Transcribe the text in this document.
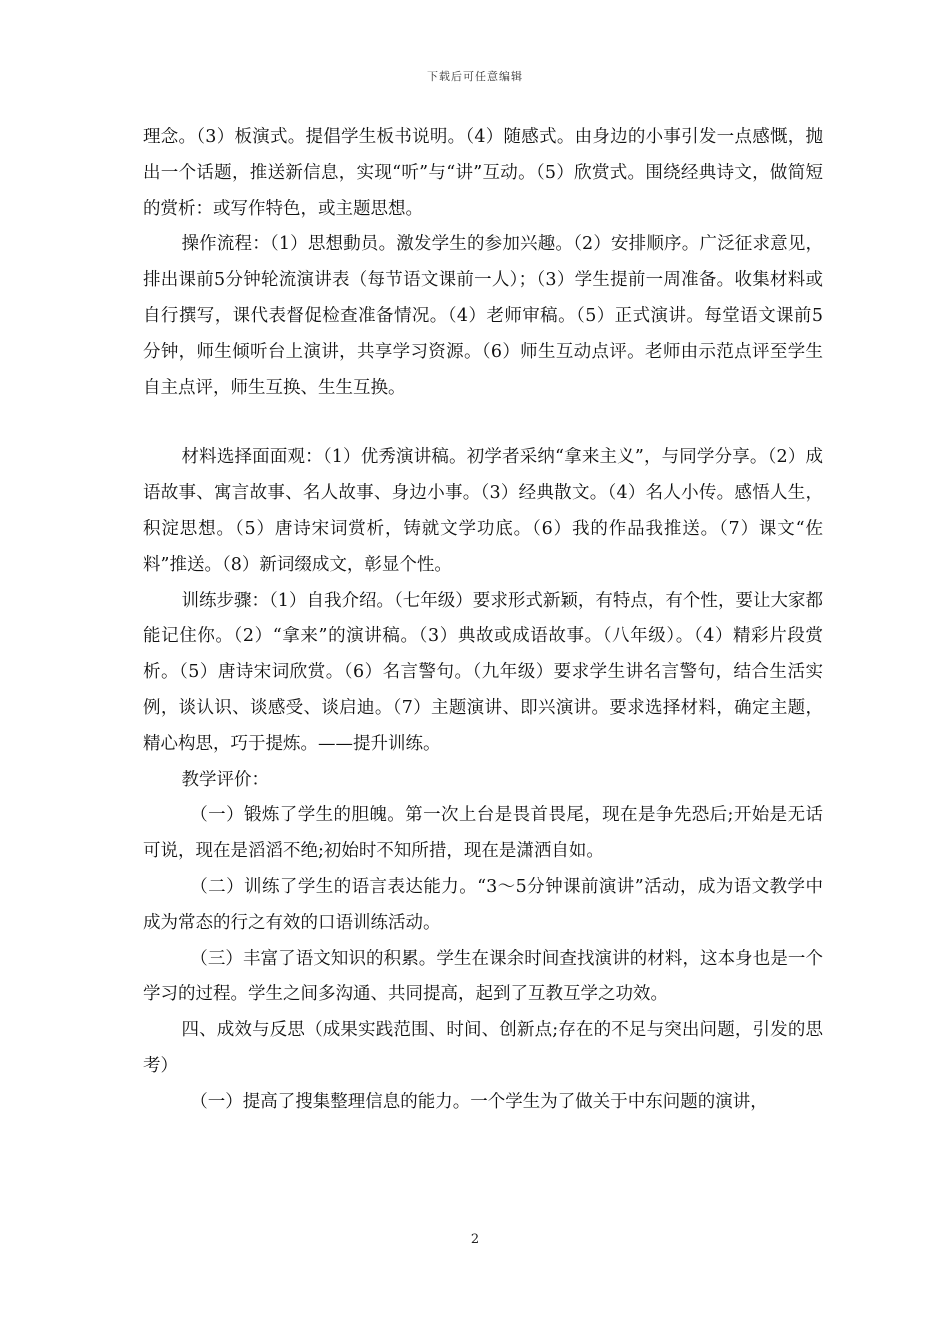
下载后可任意编辑

理念。（3）板演式。提倡学生板书说明。（4）随感式。由身边的小事引发一点感慨，抛出一个话题，推送新信息，实现“听”与“讲”互动。（5）欣赏式。围绕经典诗文，做简短的赏析：或写作特色，或主题思想。

操作流程：（1）思想動员。激发学生的参加兴趣。（2）安排顺序。广泛征求意见，排出课前5分钟轮流演讲表（每节语文课前一人）；（3）学生提前一周准备。收集材料或自行撰写，课代表督促检查准备情况。（4）老师审稿。（5）正式演讲。每堂语文课前5分钟，师生倾听台上演讲，共享学习资源。（6）师生互动点评。老师由示范点评至学生自主点评，师生互换、生生互换。

材料选择面面观：（1）优秀演讲稿。初学者采纳“拿来主义”，与同学分享。（2）成语故事、寓言故事、名人故事、身边小事。（3）经典散文。（4）名人小传。感悟人生，积淀思想。（5）唐诗宋词赏析，铸就文学功底。（6）我的作品我推送。（7）课文“佐料”推送。（8）新词缀成文，彰显个性。

训练步骤：（1）自我介绍。（七年级）要求形式新颖，有特点，有个性，要让大家都能记住你。（2）“拿来”的演讲稿。（3）典故或成语故事。（八年级）。（4）精彩片段赏析。（5）唐诗宋词欣赏。（6）名言警句。（九年级）要求学生讲名言警句，结合生活实例，谈认识、谈感受、谈启迪。（7）主题演讲、即兴演讲。要求选择材料，确定主题，精心构思，巧于提炼。——提升训练。

教学评价：

（一）锻炼了学生的胆魄。第一次上台是畏首畏尾，现在是争先恐后;开始是无话可说，现在是滔滔不绝;初始时不知所措，现在是潇洒自如。

（二）训练了学生的语言表达能力。“3～5分钟课前演讲”活动，成为语文教学中成为常态的行之有效的口语训练活动。

（三）丰富了语文知识的积累。学生在课余时间查找演讲的材料，这本身也是一个学习的过程。学生之间多沟通、共同提高，起到了互教互学之功效。

四、成效与反思（成果实践范围、时间、创新点;存在的不足与突出问题，引发的思考）

（一）提高了搜集整理信息的能力。一个学生为了做关于中东问题的演讲，

2
